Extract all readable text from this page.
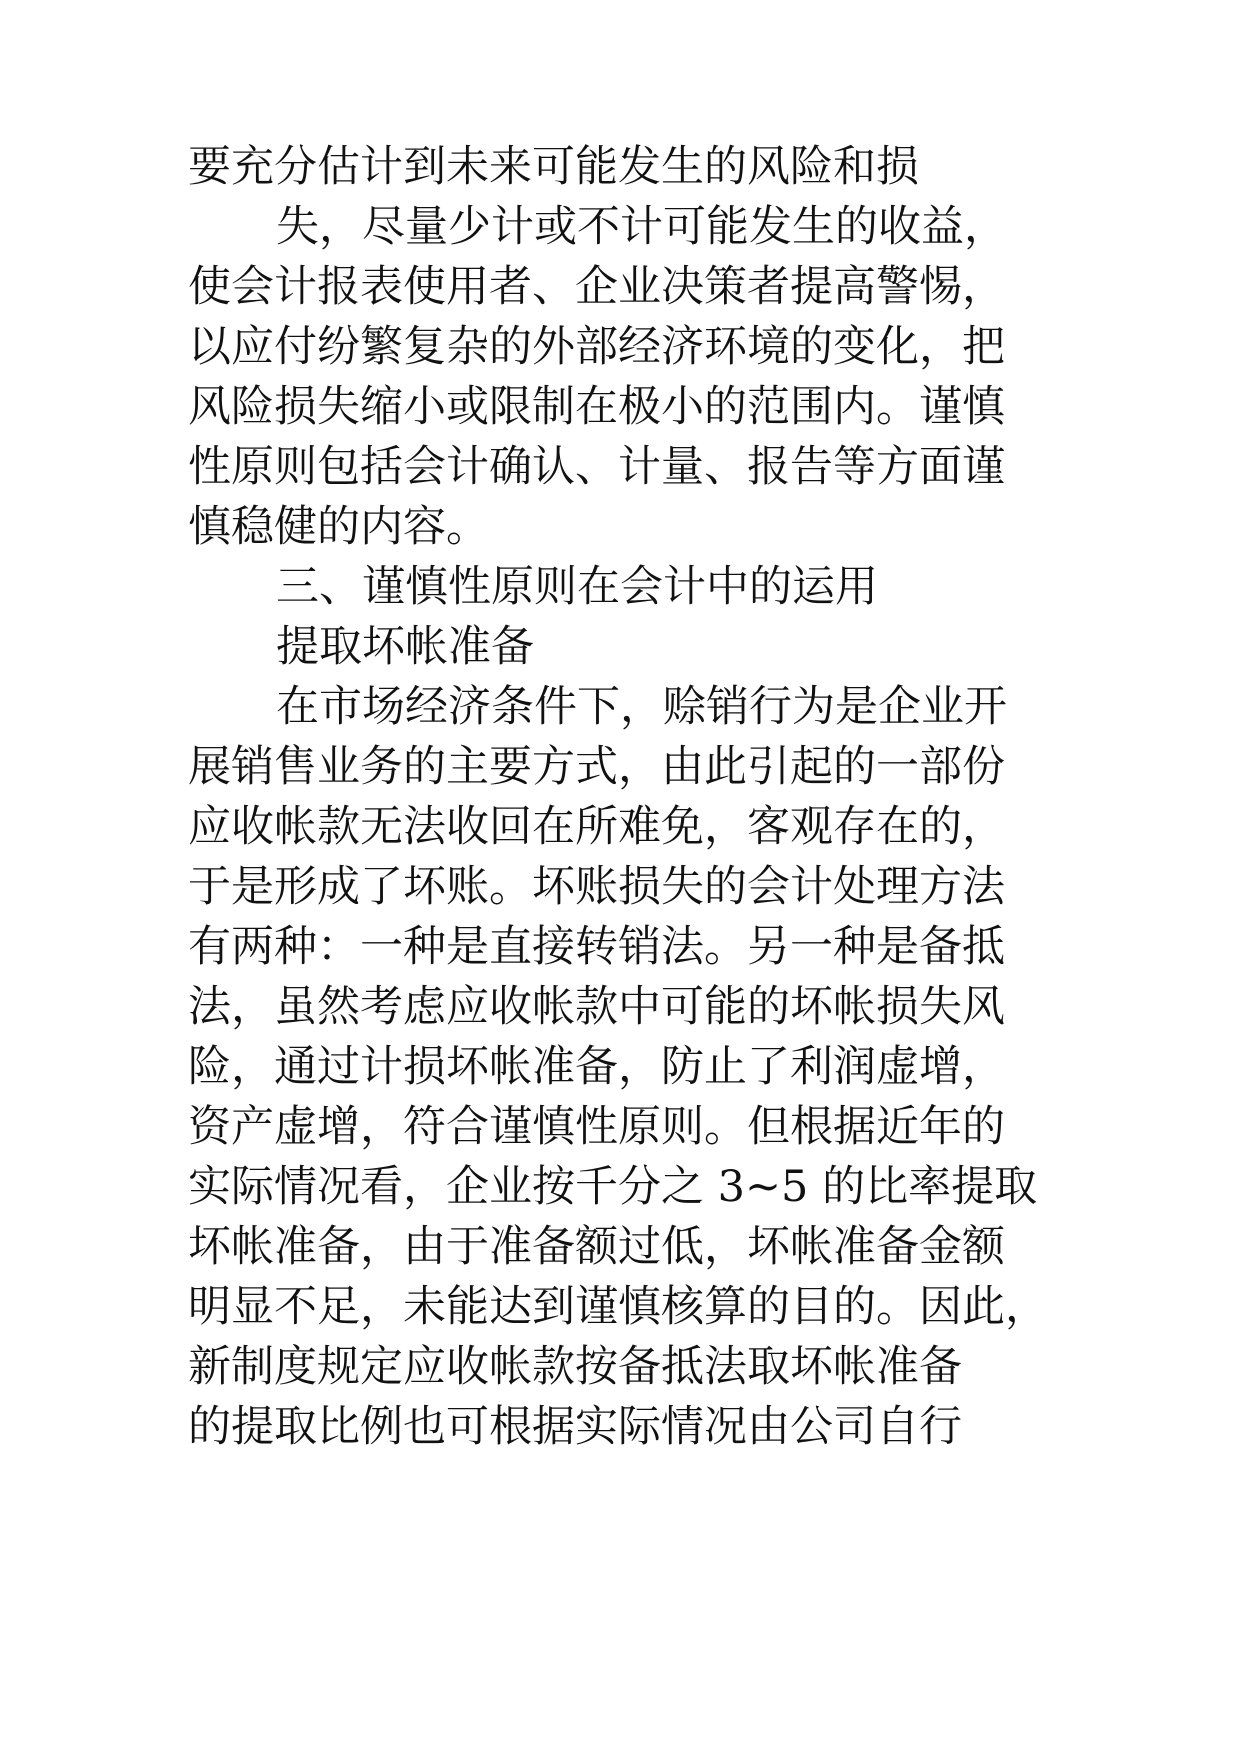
要充分估计到未来可能发生的风险和损
失，尽量少计或不计可能发生的收益，
使会计报表使用者、企业决策者提高警惕，
以应付纷繁复杂的外部经济环境的变化，把
风险损失缩小或限制在极小的范围内。谨慎
性原则包括会计确认、计量、报告等方面谨
慎稳健的内容。
三、谨慎性原则在会计中的运用
提取坏帐准备
在市场经济条件下，赊销行为是企业开
展销售业务的主要方式，由此引起的一部份
应收帐款无法收回在所难免，客观存在的，
于是形成了坏账。坏账损失的会计处理方法
有两种：一种是直接转销法。另一种是备抵
法，虽然考虑应收帐款中可能的坏帐损失风
险，通过计损坏帐准备，防止了利润虚增，
资产虚增，符合谨慎性原则。但根据近年的
实际情况看，企业按千分之 3~5 的比率提取
坏帐准备，由于准备额过低，坏帐准备金额
明显不足，未能达到谨慎核算的目的。因此，
新制度规定应收帐款按备抵法取坏帐准备
的提取比例也可根据实际情况由公司自行
